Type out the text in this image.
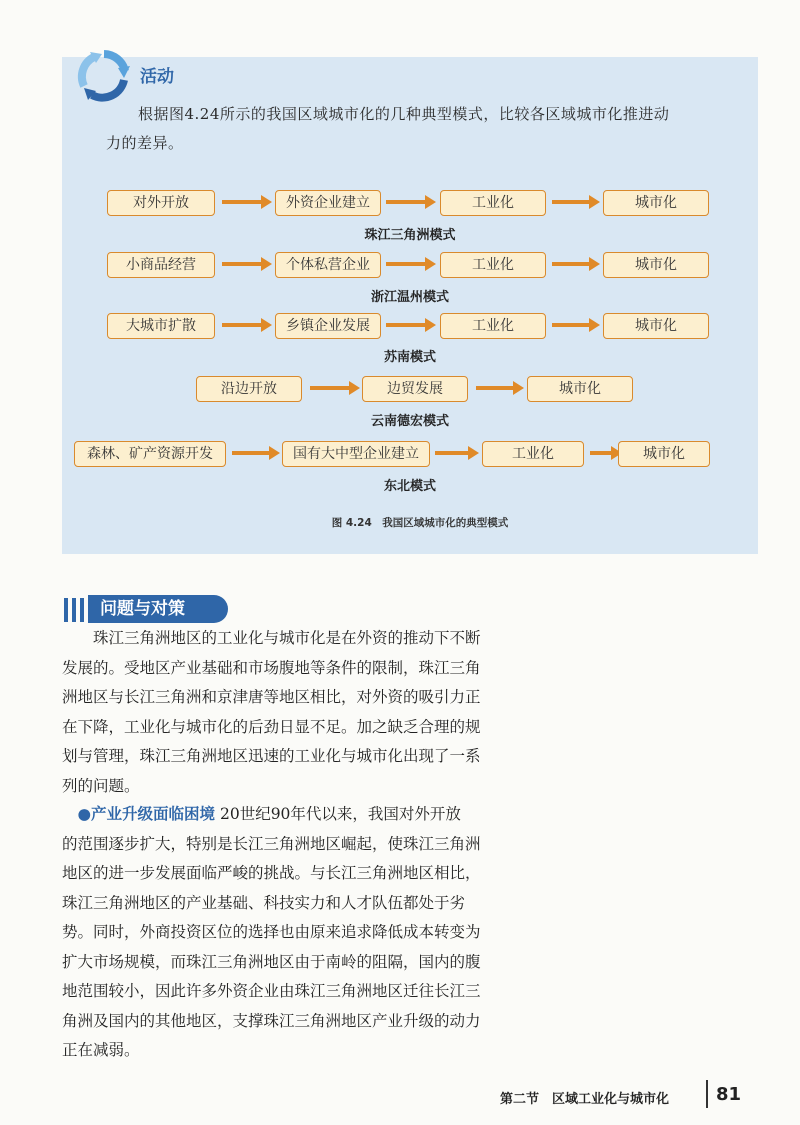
活动

根据图4.24所示的我国区域城市化的几种典型模式，比较各区域城市化推进动
力的差异。

对外开放	外资企业建立	工业化	城市化
珠江三角洲模式
小商品经营	个体私营企业	工业化	城市化
浙江温州模式
大城市扩散	乡镇企业发展	工业化	城市化
苏南模式
沿边开放	边贸发展	城市化
云南德宏模式
森林、矿产资源开发	国有大中型企业建立	工业化	城市化
东北模式
图 4.24　我国区域城市化的典型模式
问题与对策

　　珠江三角洲地区的工业化与城市化是在外资的推动下不断
发展的。受地区产业基础和市场腹地等条件的限制，珠江三角
洲地区与长江三角洲和京津唐等地区相比，对外资的吸引力正
在下降，工业化与城市化的后劲日显不足。加之缺乏合理的规
划与管理，珠江三角洲地区迅速的工业化与城市化出现了一系
列的问题。

　●产业升级面临困境 20世纪90年代以来，我国对外开放
的范围逐步扩大，特别是长江三角洲地区崛起，使珠江三角洲
地区的进一步发展面临严峻的挑战。与长江三角洲地区相比，
珠江三角洲地区的产业基础、科技实力和人才队伍都处于劣
势。同时，外商投资区位的选择也由原来追求降低成本转变为
扩大市场规模，而珠江三角洲地区由于南岭的阻隔，国内的腹
地范围较小，因此许多外资企业由珠江三角洲地区迁往长江三
角洲及国内的其他地区，支撑珠江三角洲地区产业升级的动力
正在减弱。

第二节　区域工业化与城市化	81
